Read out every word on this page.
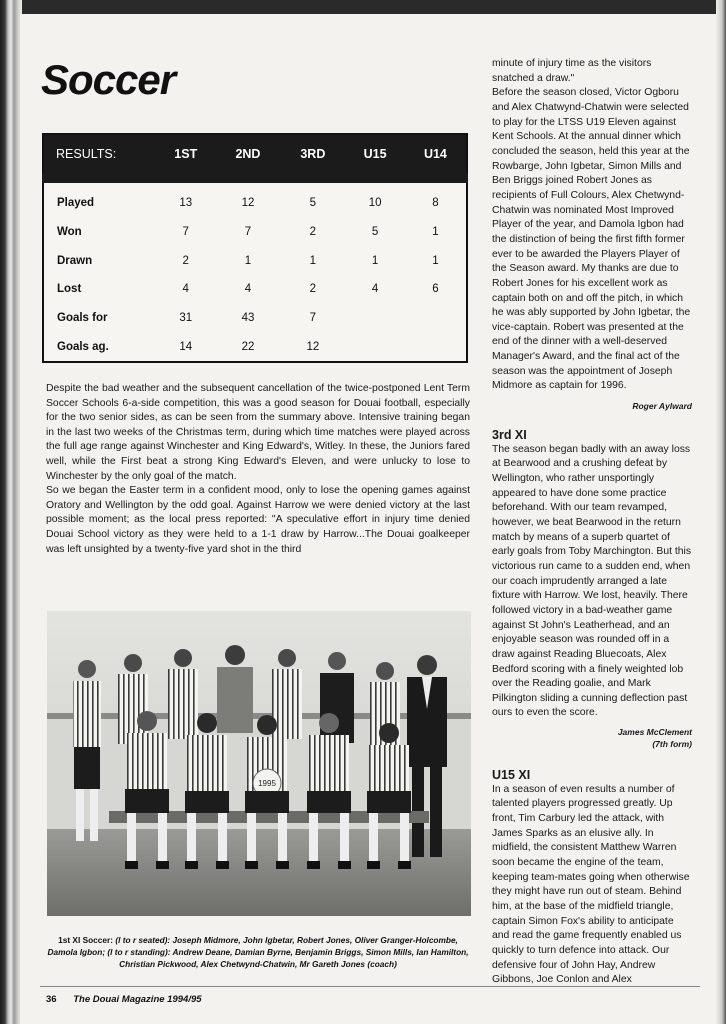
Soccer
RESULTS:	1ST	2ND	3RD	U15	U14
Played	13	12	5	10	8
Won	7	7	2	5	1
Drawn	2	1	1	1	1
Lost	4	4	2	4	6
Goals for	31	43	7		
Goals ag.	14	22	12		

Despite the bad weather and the subsequent cancellation of the twice-postponed Lent Term Soccer Schools 6-a-side competition, this was a good season for Douai football, especially for the two senior sides, as can be seen from the summary above. Intensive training began in the last two weeks of the Christmas term, during which time matches were played across the full age range against Winchester and King Edward's, Witley. In these, the Juniors fared well, while the First beat a strong King Edward's Eleven, and were unlucky to lose to Winchester by the only goal of the match.

So we began the Easter term in a confident mood, only to lose the opening games against Oratory and Wellington by the odd goal. Against Harrow we were denied victory at the last possible moment; as the local press reported: "A speculative effort in injury time denied Douai School victory as they were held to a 1-1 draw by Harrow...The Douai goalkeeper was left unsighted by a twenty-five yard shot in the third

1995

1st XI Soccer: (l to r seated): Joseph Midmore, John Igbetar, Robert Jones, Oliver Granger-Holcombe, Damola Igbon; (l to r standing): Andrew Deane, Damian Byrne, Benjamin Briggs, Simon Mills, Ian Hamilton, Christian Pickwood, Alex Chetwynd-Chatwin, Mr Gareth Jones (coach)

minute of injury time as the visitors snatched a draw."

Before the season closed, Victor Ogboru and Alex Chatwynd-Chatwin were selected to play for the LTSS U19 Eleven against Kent Schools. At the annual dinner which concluded the season, held this year at the Rowbarge, John Igbetar, Simon Mills and Ben Briggs joined Robert Jones as recipients of Full Colours, Alex Chetwynd-Chatwin was nominated Most Improved Player of the year, and Damola Igbon had the distinction of being the first fifth former ever to be awarded the Players Player of the Season award. My thanks are due to Robert Jones for his excellent work as captain both on and off the pitch, in which he was ably supported by John Igbetar, the vice-captain. Robert was presented at the end of the dinner with a well-deserved Manager's Award, and the final act of the season was the appointment of Joseph Midmore as captain for 1996.

Roger Aylward

3rd XI

The season began badly with an away loss at Bearwood and a crushing defeat by Wellington, who rather unsportingly appeared to have done some practice beforehand. With our team revamped, however, we beat Bearwood in the return match by means of a superb quartet of early goals from Toby Marchington. But this victorious run came to a sudden end, when our coach imprudently arranged a late fixture with Harrow. We lost, heavily. There followed victory in a bad-weather game against St John's Leatherhead, and an enjoyable season was rounded off in a draw against Reading Bluecoats, Alex Bedford scoring with a finely weighted lob over the Reading goalie, and Mark Pilkington sliding a cunning deflection past ours to even the score.

James McClement

(7th form)

U15 XI

In a season of even results a number of talented players progressed greatly. Up front, Tim Carbury led the attack, with James Sparks as an elusive ally. In midfield, the consistent Matthew Warren soon became the engine of the team, keeping team-mates going when otherwise they might have run out of steam. Behind him, at the base of the midfield triangle, captain Simon Fox's ability to anticipate and read the game frequently enabled us quickly to turn defence into attack. Our defensive four of John Hay, Andrew Gibbons, Joe Conlon and Alex

36 The Douai Magazine 1994/95
